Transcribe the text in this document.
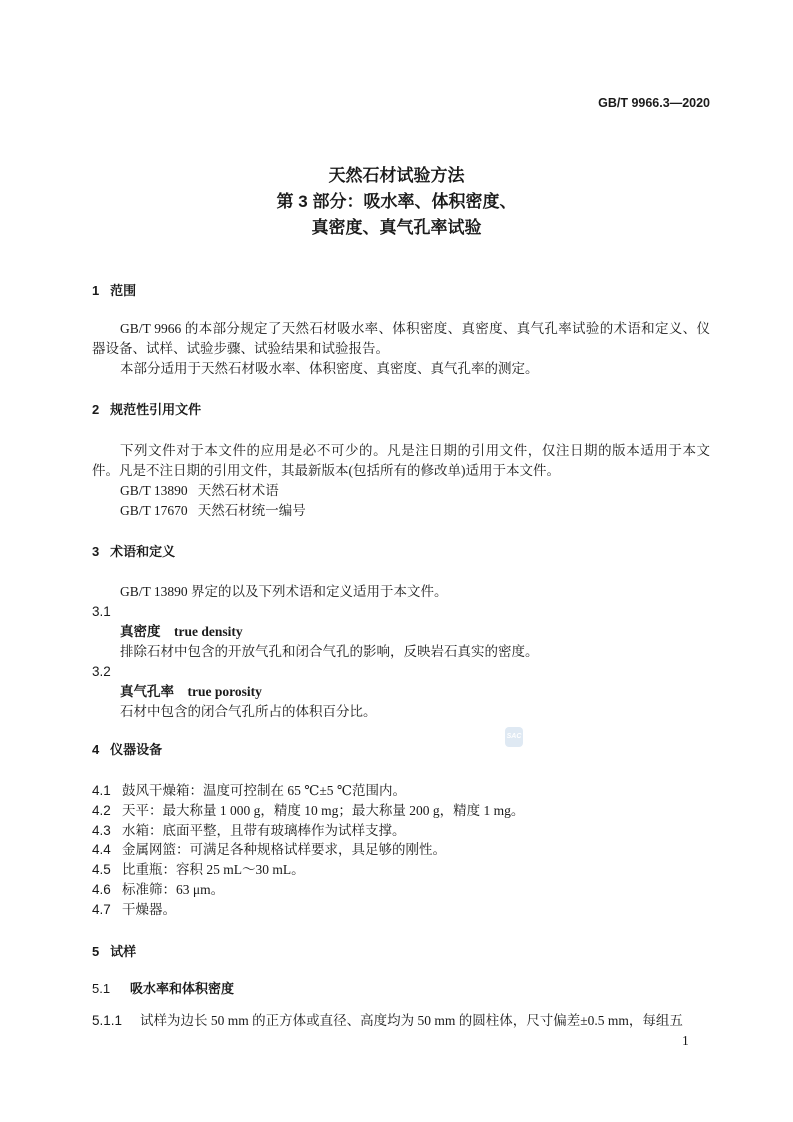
GB/T 9966.3—2020
天然石材试验方法
第 3 部分：吸水率、体积密度、
真密度、真气孔率试验
1 范围
GB/T 9966 的本部分规定了天然石材吸水率、体积密度、真密度、真气孔率试验的术语和定义、仪
器设备、试样、试验步骤、试验结果和试验报告。
本部分适用于天然石材吸水率、体积密度、真密度、真气孔率的测定。
2 规范性引用文件
下列文件对于本文件的应用是必不可少的。凡是注日期的引用文件，仅注日期的版本适用于本文
件。凡是不注日期的引用文件，其最新版本(包括所有的修改单)适用于本文件。
GB/T 13890 天然石材术语
GB/T 17670 天然石材统一编号
3 术语和定义
GB/T 13890 界定的以及下列术语和定义适用于本文件。
3.1
真密度 true density
排除石材中包含的开放气孔和闭合气孔的影响，反映岩石真实的密度。
3.2
真气孔率 true porosity
石材中包含的闭合气孔所占的体积百分比。
SAC
4 仪器设备
4.1 鼓风干燥箱：温度可控制在 65 ℃±5 ℃范围内。
4.2 天平：最大称量 1 000 g，精度 10 mg；最大称量 200 g，精度 1 mg。
4.3 水箱：底面平整，且带有玻璃棒作为试样支撑。
4.4 金属网篮：可满足各种规格试样要求，具足够的刚性。
4.5 比重瓶：容积 25 mL～30 mL。
4.6 标准筛：63 μm。
4.7 干燥器。
5 试样
5.1 吸水率和体积密度
5.1.1 试样为边长 50 mm 的正方体或直径、高度均为 50 mm 的圆柱体，尺寸偏差±0.5 mm，每组五
1
